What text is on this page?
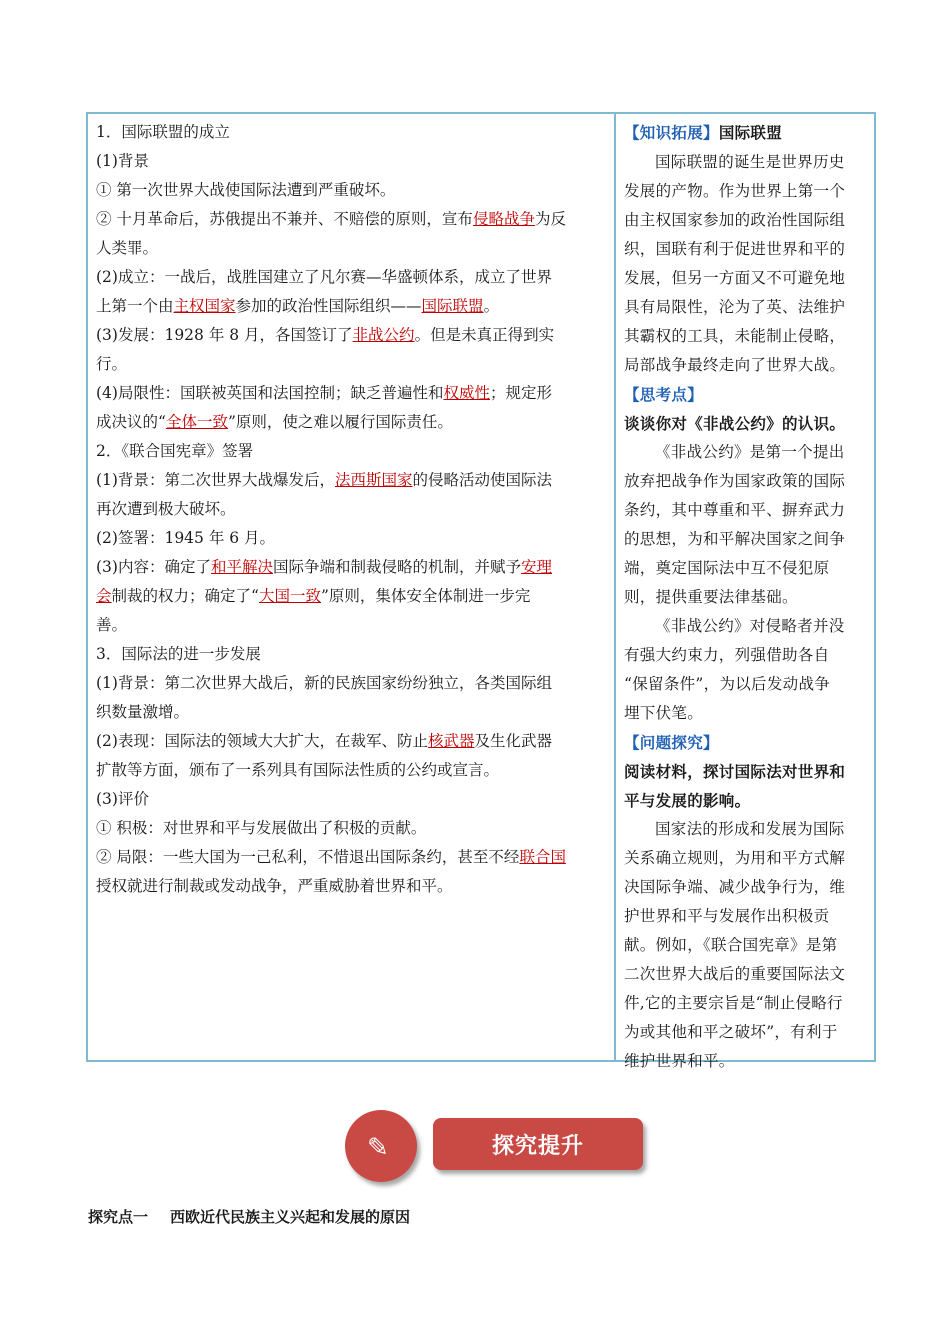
1．国际联盟的成立

(1)背景

① 第一次世界大战使国际法遭到严重破坏。

② 十月革命后，苏俄提出不兼并、不赔偿的原则，宣布侵略战争为反

人类罪。

(2)成立：一战后，战胜国建立了凡尔赛—华盛顿体系，成立了世界

上第一个由主权国家参加的政治性国际组织——国际联盟。

(3)发展：1928 年 8 月，各国签订了非战公约。但是未真正得到实

行。

(4)局限性：国联被英国和法国控制；缺乏普遍性和权威性；规定形

成决议的“全体一致”原则，使之难以履行国际责任。

2．《联合国宪章》签署

(1)背景：第二次世界大战爆发后，法西斯国家的侵略活动使国际法

再次遭到极大破坏。

(2)签署：1945 年 6 月。

(3)内容：确定了和平解决国际争端和制裁侵略的机制，并赋予安理

会制裁的权力；确定了“大国一致”原则，集体安全体制进一步完

善。

3．国际法的进一步发展

(1)背景：第二次世界大战后，新的民族国家纷纷独立，各类国际组

织数量激增。

(2)表现：国际法的领域大大扩大，在裁军、防止核武器及生化武器

扩散等方面，颁布了一系列具有国际法性质的公约或宣言。

(3)评价

① 积极：对世界和平与发展做出了积极的贡献。

② 局限：一些大国为一己私利，不惜退出国际条约，甚至不经联合国

授权就进行制裁或发动战争，严重威胁着世界和平。

【知识拓展】国际联盟

国际联盟的诞生是世界历史

发展的产物。作为世界上第一个

由主权国家参加的政治性国际组

织，国联有利于促进世界和平的

发展，但另一方面又不可避免地

具有局限性，沦为了英、法维护

其霸权的工具，未能制止侵略，

局部战争最终走向了世界大战。

【思考点】

谈谈你对《非战公约》的认识。

《非战公约》是第一个提出

放弃把战争作为国家政策的国际

条约，其中尊重和平、摒弃武力

的思想，为和平解决国家之间争

端，奠定国际法中互不侵犯原

则，提供重要法律基础。

《非战公约》对侵略者并没

有强大约束力，列强借助各自

“保留条件”，为以后发动战争

埋下伏笔。

【问题探究】

阅读材料，探讨国际法对世界和

平与发展的影响。

国家法的形成和发展为国际

关系确立规则，为用和平方式解

决国际争端、减少战争行为，维

护世界和平与发展作出积极贡

献。例如，《联合国宪章》是第

二次世界大战后的重要国际法文

件,它的主要宗旨是“制止侵略行

为或其他和平之破坏”，有利于

维护世界和平。

✎	探究提升
探究点一 西欧近代民族主义兴起和发展的原因
